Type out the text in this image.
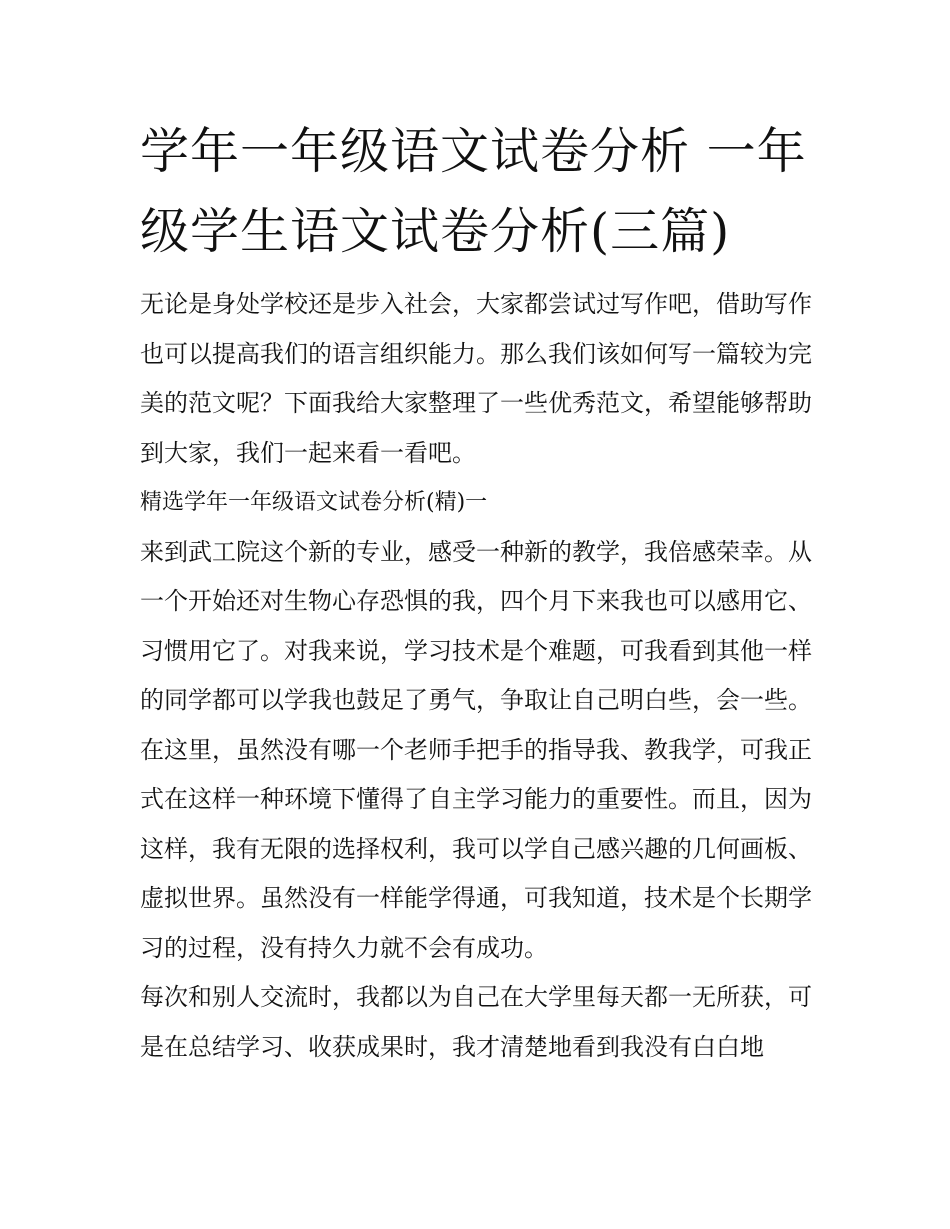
学年一年级语文试卷分析 一年级学生语文试卷分析(三篇)

无论是身处学校还是步入社会，大家都尝试过写作吧，借助写作也可以提高我们的语言组织能力。那么我们该如何写一篇较为完美的范文呢？下面我给大家整理了一些优秀范文，希望能够帮助到大家，我们一起来看一看吧。

精选学年一年级语文试卷分析(精)一

来到武工院这个新的专业，感受一种新的教学，我倍感荣幸。从一个开始还对生物心存恐惧的我，四个月下来我也可以感用它、习惯用它了。对我来说，学习技术是个难题，可我看到其他一样的同学都可以学我也鼓足了勇气，争取让自己明白些，会一些。在这里，虽然没有哪一个老师手把手的指导我、教我学，可我正式在这样一种环境下懂得了自主学习能力的重要性。而且，因为这样，我有无限的选择权利，我可以学自己感兴趣的几何画板、虚拟世界。虽然没有一样能学得通，可我知道，技术是个长期学习的过程，没有持久力就不会有成功。

每次和别人交流时，我都以为自己在大学里每天都一无所获，可是在总结学习、收获成果时，我才清楚地看到我没有白白地
